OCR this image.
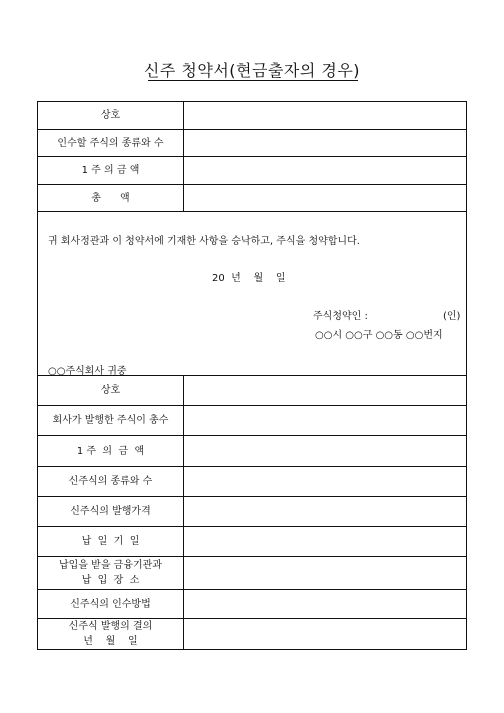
신주 청약서(현금출자의 경우)
상호
인수할 주식의 종류와 수
1 주 의 금 액
총      액
귀 회사정관과 이 청약서에 기재한 사항을 승낙하고, 주식을 청약합니다.
20  년    월    일
주식청약인 :	(인)
○○시 ○○구 ○○동 ○○번지
○○주식회사 귀중
상호
회사가 발행한 주식이 총수
1 주  의  금  액
신주식의 종류와 수
신주식의 발행가격
납  일  기  일
납입을 받을 금융기관과
납  입  장  소
신주식의 인수방법
신주식 발행의 결의
년    월    일
